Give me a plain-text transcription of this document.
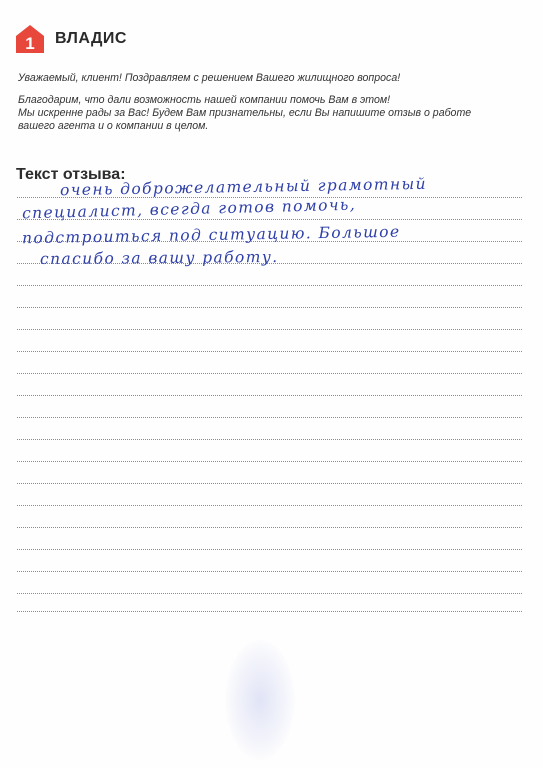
1 ВЛАДИС

Уважаемый, клиент! Поздравляем с решением Вашего жилищного вопроса!

Благодарим, что дали возможность нашей компании помочь Вам в этом!

Мы искренне рады за Вас! Будем Вам признательны, если Вы напишите отзыв о работе

вашего агента и о компании в целом.

Текст отзыва:
очень доброжелательный грамотный
специалист, всегда готов помочь,
подстроиться под ситуацию. Большое
спасибо за вашу работу.
